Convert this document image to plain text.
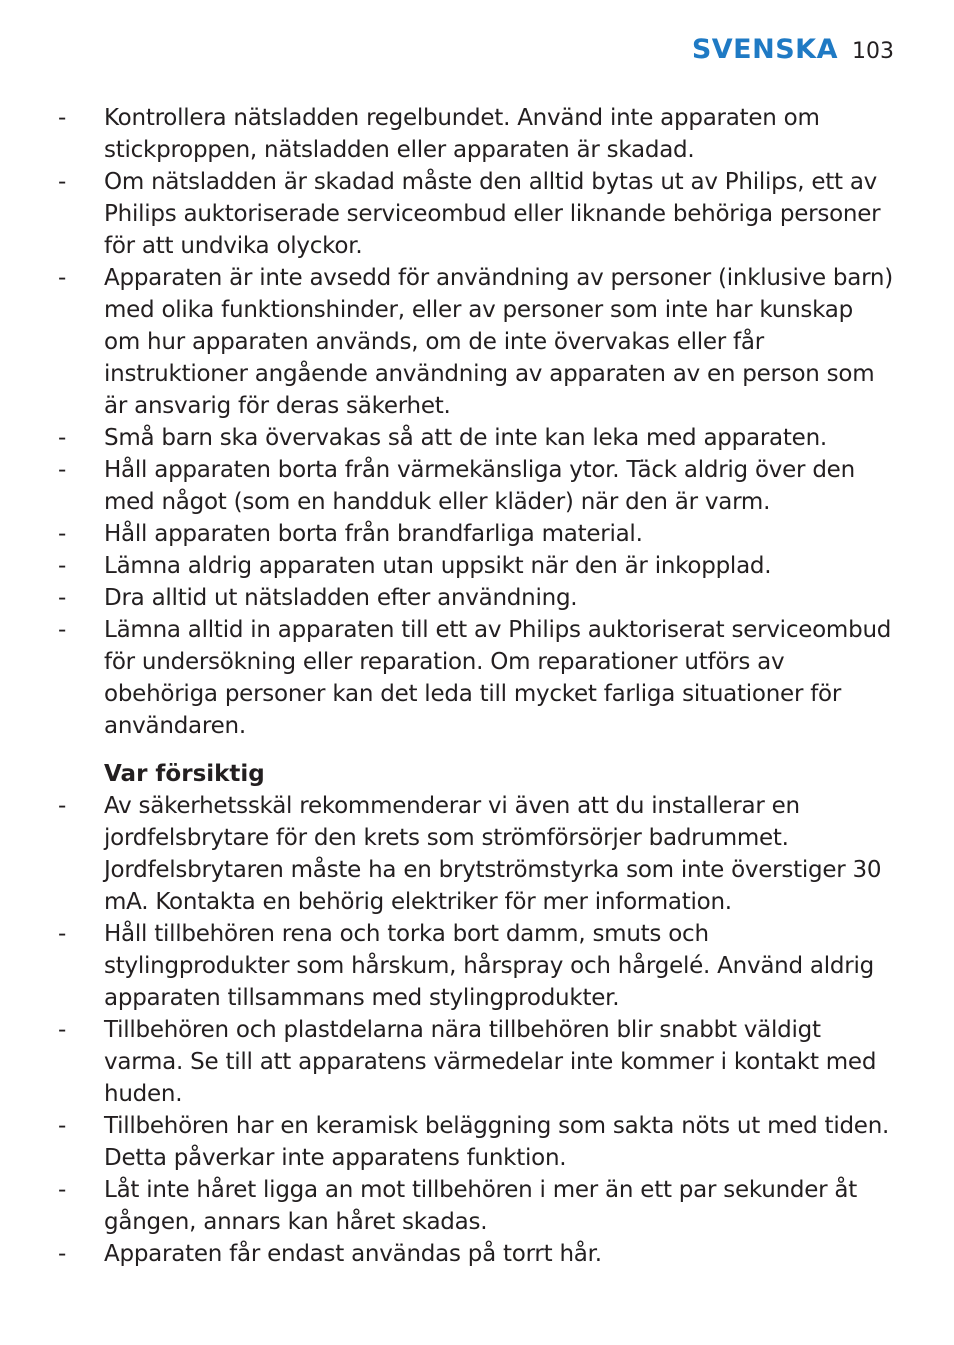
SVENSKA 103
-	Kontrollera nätsladden regelbundet. Använd inte apparaten om stickproppen, nätsladden eller apparaten är skadad.
-	Om nätsladden är skadad måste den alltid bytas ut av Philips, ett av Philips auktoriserade serviceombud eller liknande behöriga personer för att undvika olyckor.
-	Apparaten är inte avsedd för användning av personer (inklusive barn) med olika funktionshinder, eller av personer som inte har kunskap om hur apparaten används, om de inte övervakas eller får instruktioner angående användning av apparaten av en person som är ansvarig för deras säkerhet.
-	Små barn ska övervakas så att de inte kan leka med apparaten.
-	Håll apparaten borta från värmekänsliga ytor. Täck aldrig över den med något (som en handduk eller kläder) när den är varm.
-	Håll apparaten borta från brandfarliga material.
-	Lämna aldrig apparaten utan uppsikt när den är inkopplad.
-	Dra alltid ut nätsladden efter användning.
-	Lämna alltid in apparaten till ett av Philips auktoriserat serviceombud för undersökning eller reparation. Om reparationer utförs av obehöriga personer kan det leda till mycket farliga situationer för användaren.
Var försiktig
-	Av säkerhetsskäl rekommenderar vi även att du installerar en jordfelsbrytare för den krets som strömförsörjer badrummet. Jordfelsbrytaren måste ha en brytströmstyrka som inte överstiger 30 mA. Kontakta en behörig elektriker för mer information.
-	Håll tillbehören rena och torka bort damm, smuts och stylingprodukter som hårskum, hårspray och hårgelé. Använd aldrig apparaten tillsammans med stylingprodukter.
-	Tillbehören och plastdelarna nära tillbehören blir snabbt väldigt varma. Se till att apparatens värmedelar inte kommer i kontakt med huden.
-	Tillbehören har en keramisk beläggning som sakta nöts ut med tiden. Detta påverkar inte apparatens funktion.
-	Låt inte håret ligga an mot tillbehören i mer än ett par sekunder åt gången, annars kan håret skadas.
-	Apparaten får endast användas på torrt hår.
